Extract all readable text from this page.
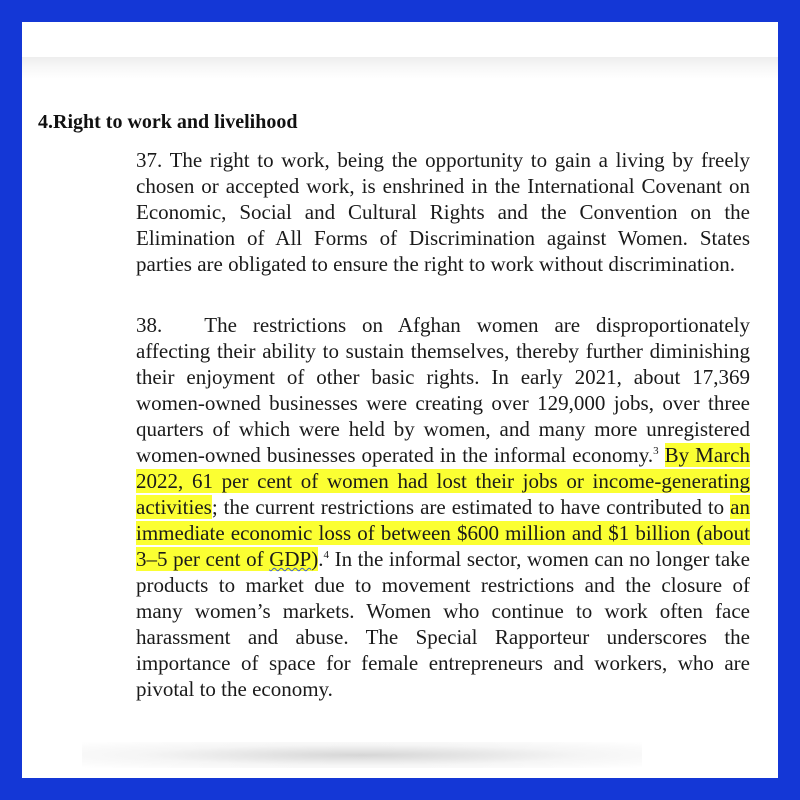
4.Right to work and livelihood

37. The right to work, being the opportunity to gain a living by freely chosen or accepted work, is enshrined in the International Covenant on Economic, Social and Cultural Rights and the Convention on the Elimination of All Forms of Discrimination against Women. States parties are obligated to ensure the right to work without discrimination.

38. The restrictions on Afghan women are disproportionately affecting their ability to sustain themselves, thereby further diminishing their enjoyment of other basic rights. In early 2021, about 17,369 women-owned businesses were creating over 129,000 jobs, over three quarters of which were held by women, and many more unregistered women-owned businesses operated in the informal economy.$^3$ By March 2022, 61 per cent of women had lost their jobs or income-generating activities; the current restrictions are estimated to have contributed to an immediate economic loss of between $600 million and $1 billion (about 3–5 per cent of GDP).$^4$ In the informal sector, women can no longer take products to market due to movement restrictions and the closure of many women’s markets. Women who continue to work often face harassment and abuse. The Special Rapporteur underscores the importance of space for female entrepreneurs and workers, who are pivotal to the economy.
